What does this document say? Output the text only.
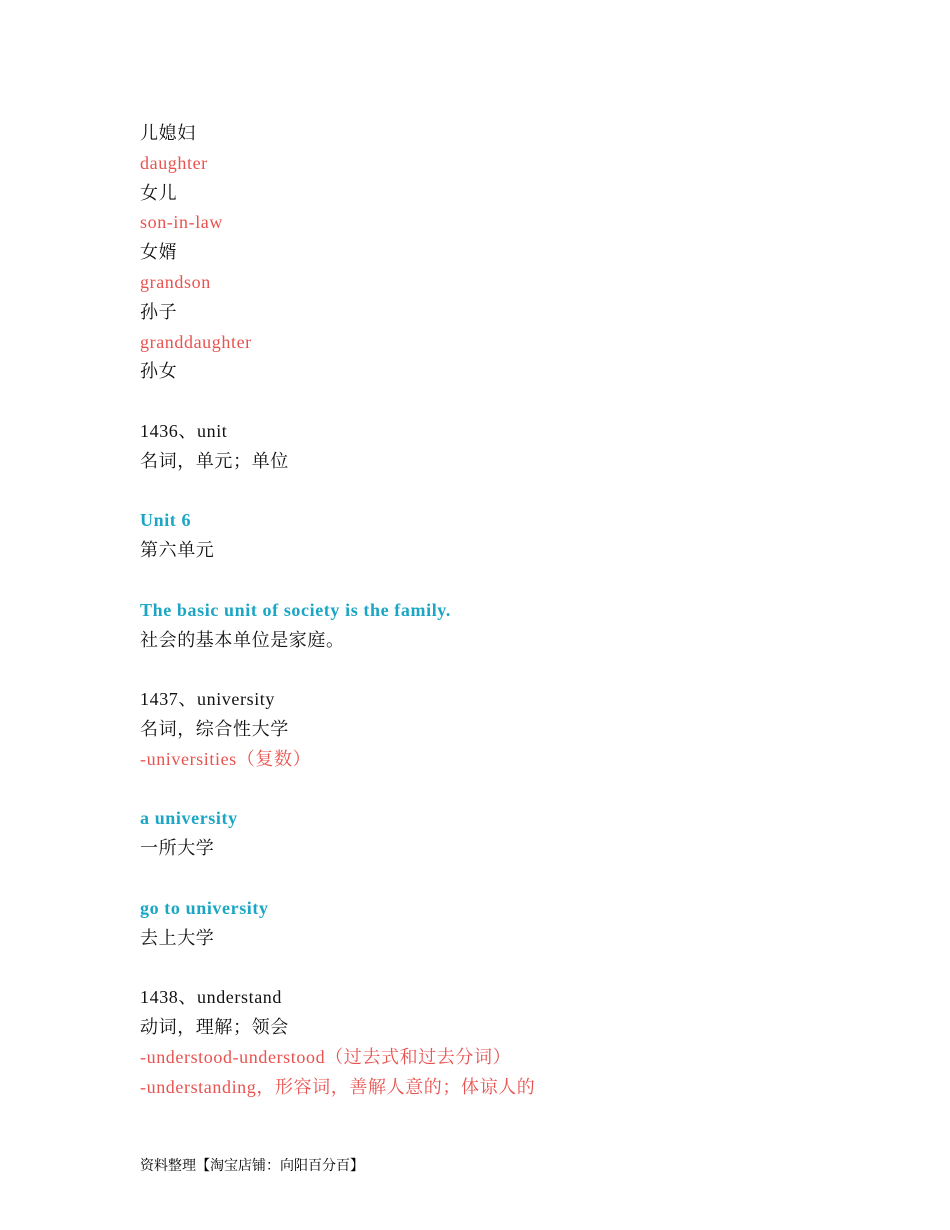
儿媳妇
daughter
女儿
son-in-law
女婿
grandson
孙子
granddaughter
孙女
1436、unit
名词，单元；单位
Unit 6
第六单元
The basic unit of society is the family.
社会的基本单位是家庭。
1437、university
名词，综合性大学
-universities（复数）
a university
一所大学
go to university
去上大学
1438、understand
动词，理解；领会
-understood-understood（过去式和过去分词）
-understanding，形容词，善解人意的；体谅人的
资料整理【淘宝店铺：向阳百分百】
